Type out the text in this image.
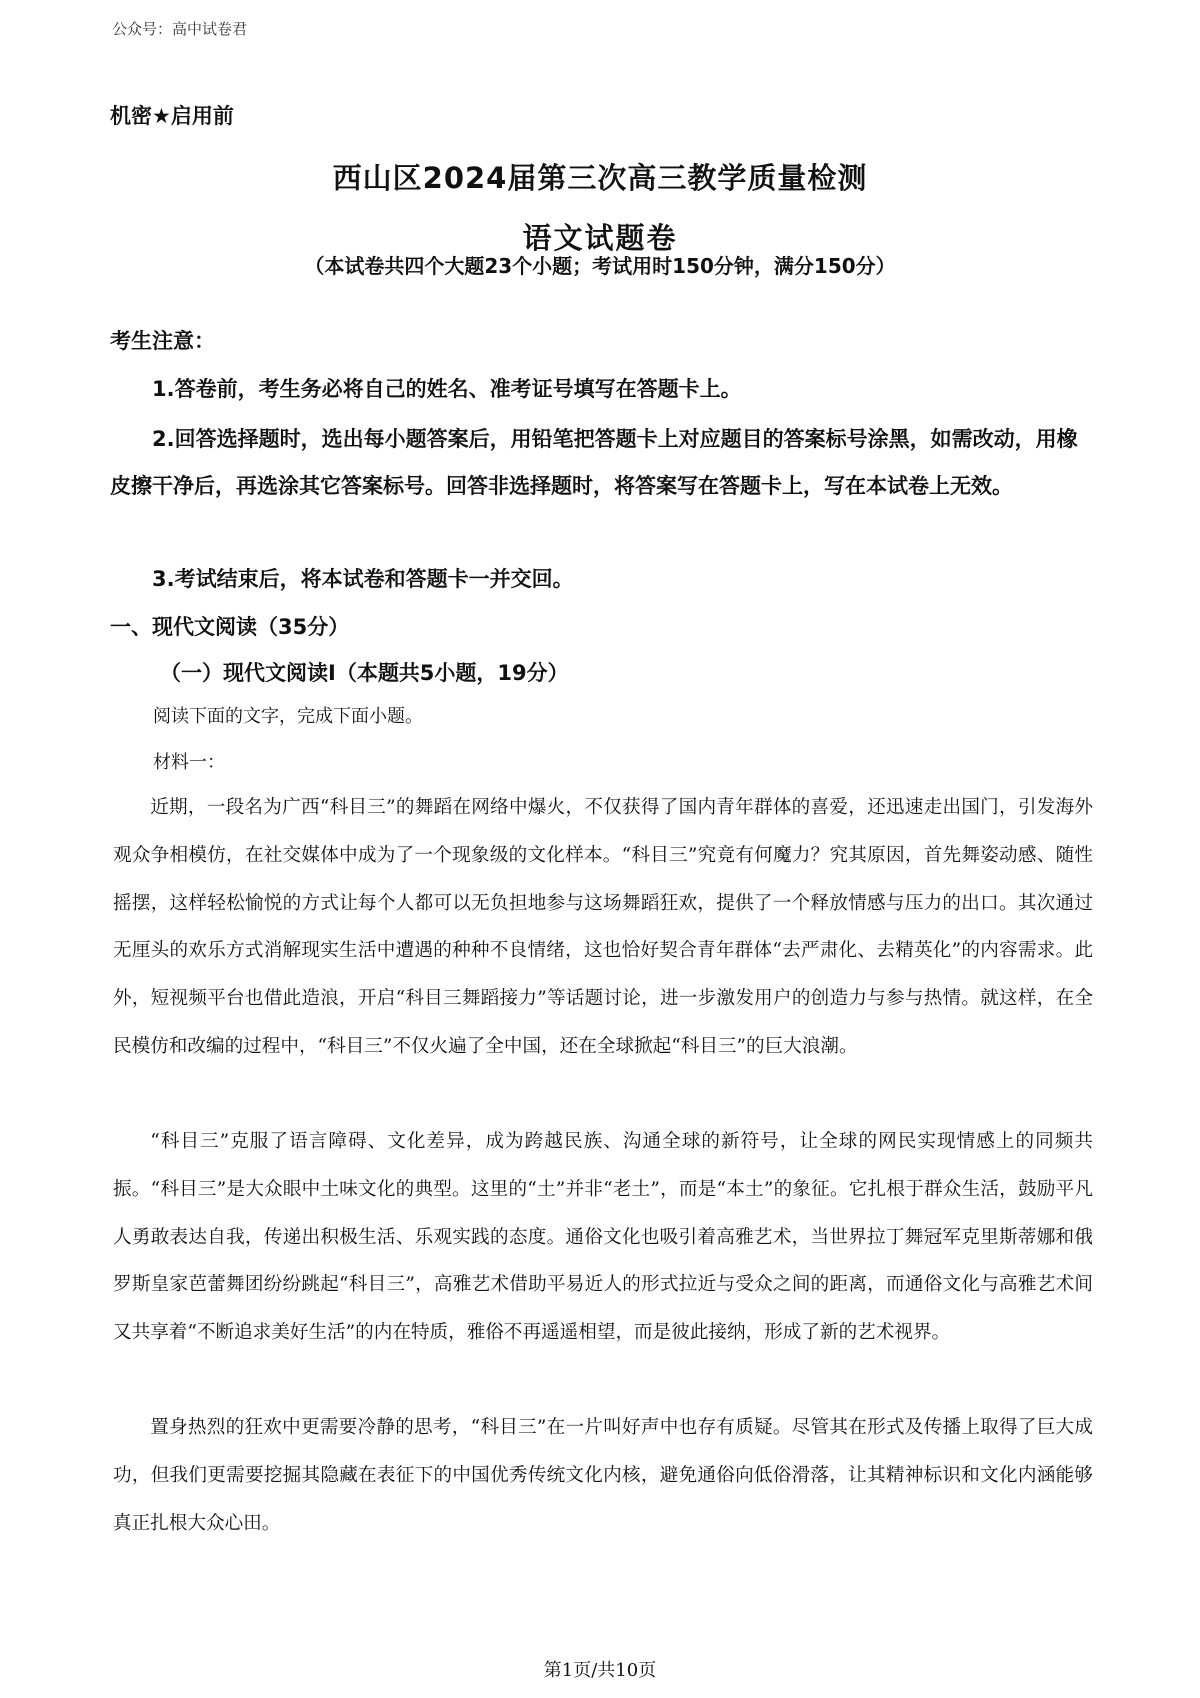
公众号：高中试卷君
机密★启用前
西山区2024届第三次高三教学质量检测
语文试题卷
（本试卷共四个大题23个小题；考试用时150分钟，满分150分）
考生注意：

1.答卷前，考生务必将自己的姓名、准考证号填写在答题卡上。

2.回答选择题时，选出每小题答案后，用铅笔把答题卡上对应题目的答案标号涂黑，如需改动，用橡皮擦干净后，再选涂其它答案标号。回答非选择题时，将答案写在答题卡上，写在本试卷上无效。

3.考试结束后，将本试卷和答题卡一并交回。

一、现代文阅读（35分）
（一）现代文阅读Ⅰ（本题共5小题，19分）
阅读下面的文字，完成下面小题。
材料一：

近期，一段名为广西“科目三”的舞蹈在网络中爆火，不仅获得了国内青年群体的喜爱，还迅速走出国门，引发海外观众争相模仿，在社交媒体中成为了一个现象级的文化样本。“科目三”究竟有何魔力？究其原因，首先舞姿动感、随性摇摆，这样轻松愉悦的方式让每个人都可以无负担地参与这场舞蹈狂欢，提供了一个释放情感与压力的出口。其次通过无厘头的欢乐方式消解现实生活中遭遇的种种不良情绪，这也恰好契合青年群体“去严肃化、去精英化”的内容需求。此外，短视频平台也借此造浪，开启“科目三舞蹈接力”等话题讨论，进一步激发用户的创造力与参与热情。就这样，在全民模仿和改编的过程中，“科目三”不仅火遍了全中国，还在全球掀起“科目三”的巨大浪潮。

“科目三”克服了语言障碍、文化差异，成为跨越民族、沟通全球的新符号，让全球的网民实现情感上的同频共振。“科目三”是大众眼中土味文化的典型。这里的“土”并非“老土”，而是“本土”的象征。它扎根于群众生活，鼓励平凡人勇敢表达自我，传递出积极生活、乐观实践的态度。通俗文化也吸引着高雅艺术，当世界拉丁舞冠军克里斯蒂娜和俄罗斯皇家芭蕾舞团纷纷跳起“科目三”，高雅艺术借助平易近人的形式拉近与受众之间的距离，而通俗文化与高雅艺术间又共享着“不断追求美好生活”的内在特质，雅俗不再遥遥相望，而是彼此接纳，形成了新的艺术视界。

置身热烈的狂欢中更需要冷静的思考，“科目三”在一片叫好声中也存有质疑。尽管其在形式及传播上取得了巨大成功，但我们更需要挖掘其隐藏在表征下的中国优秀传统文化内核，避免通俗向低俗滑落，让其精神标识和文化内涵能够真正扎根大众心田。

第1页/共10页
